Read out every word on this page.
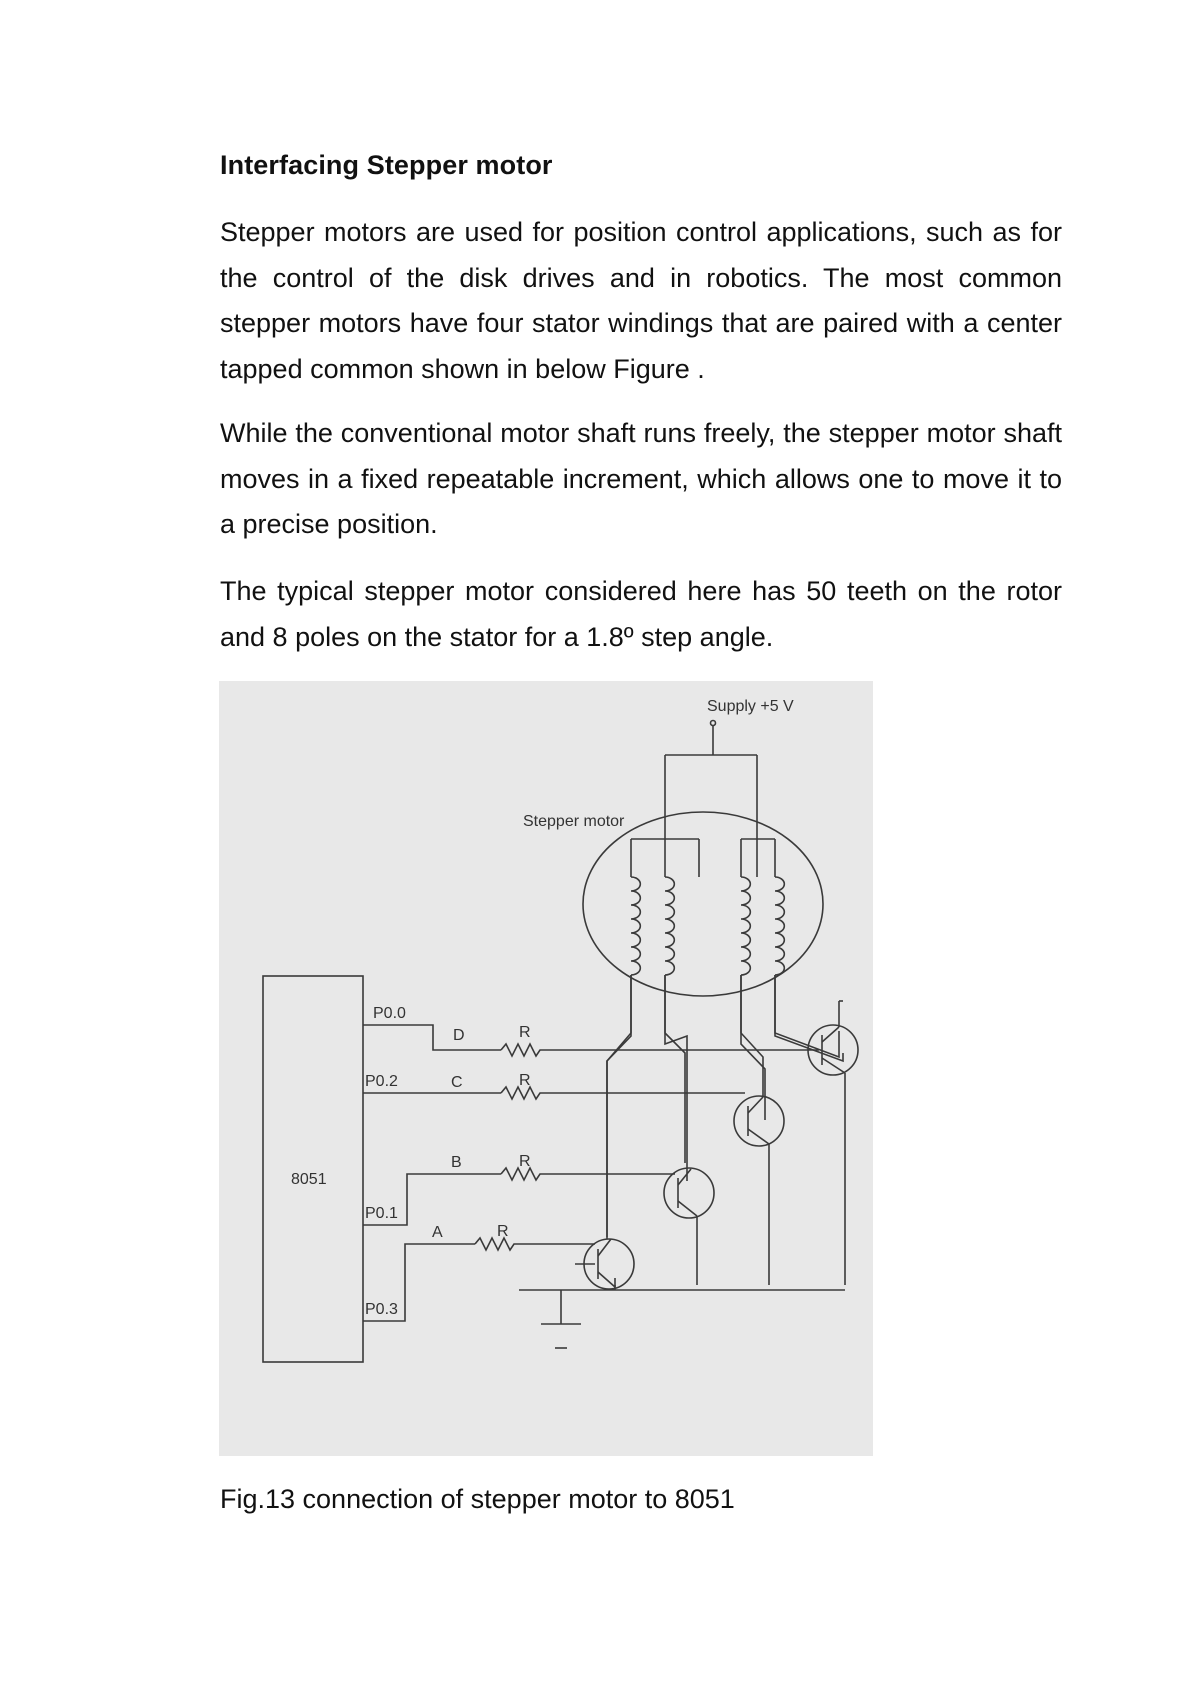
Interfacing Stepper motor

Stepper motors are used for position control applications, such as for the control of the disk drives and in robotics. The most common stepper motors have four stator windings that are paired with a center tapped common shown in below Figure .

While the conventional motor shaft runs freely, the stepper motor shaft moves in a fixed repeatable increment, which allows one to move it to a precise position.

The typical stepper motor considered here has 50 teeth on the rotor and 8 poles on the stator for a 1.8º step angle.

Supply +5 V
Stepper motor
8051
P0.0
P0.2
P0.1
P0.3
D
C
B
A
R
R
R
R

Fig.13 connection of stepper motor to 8051
